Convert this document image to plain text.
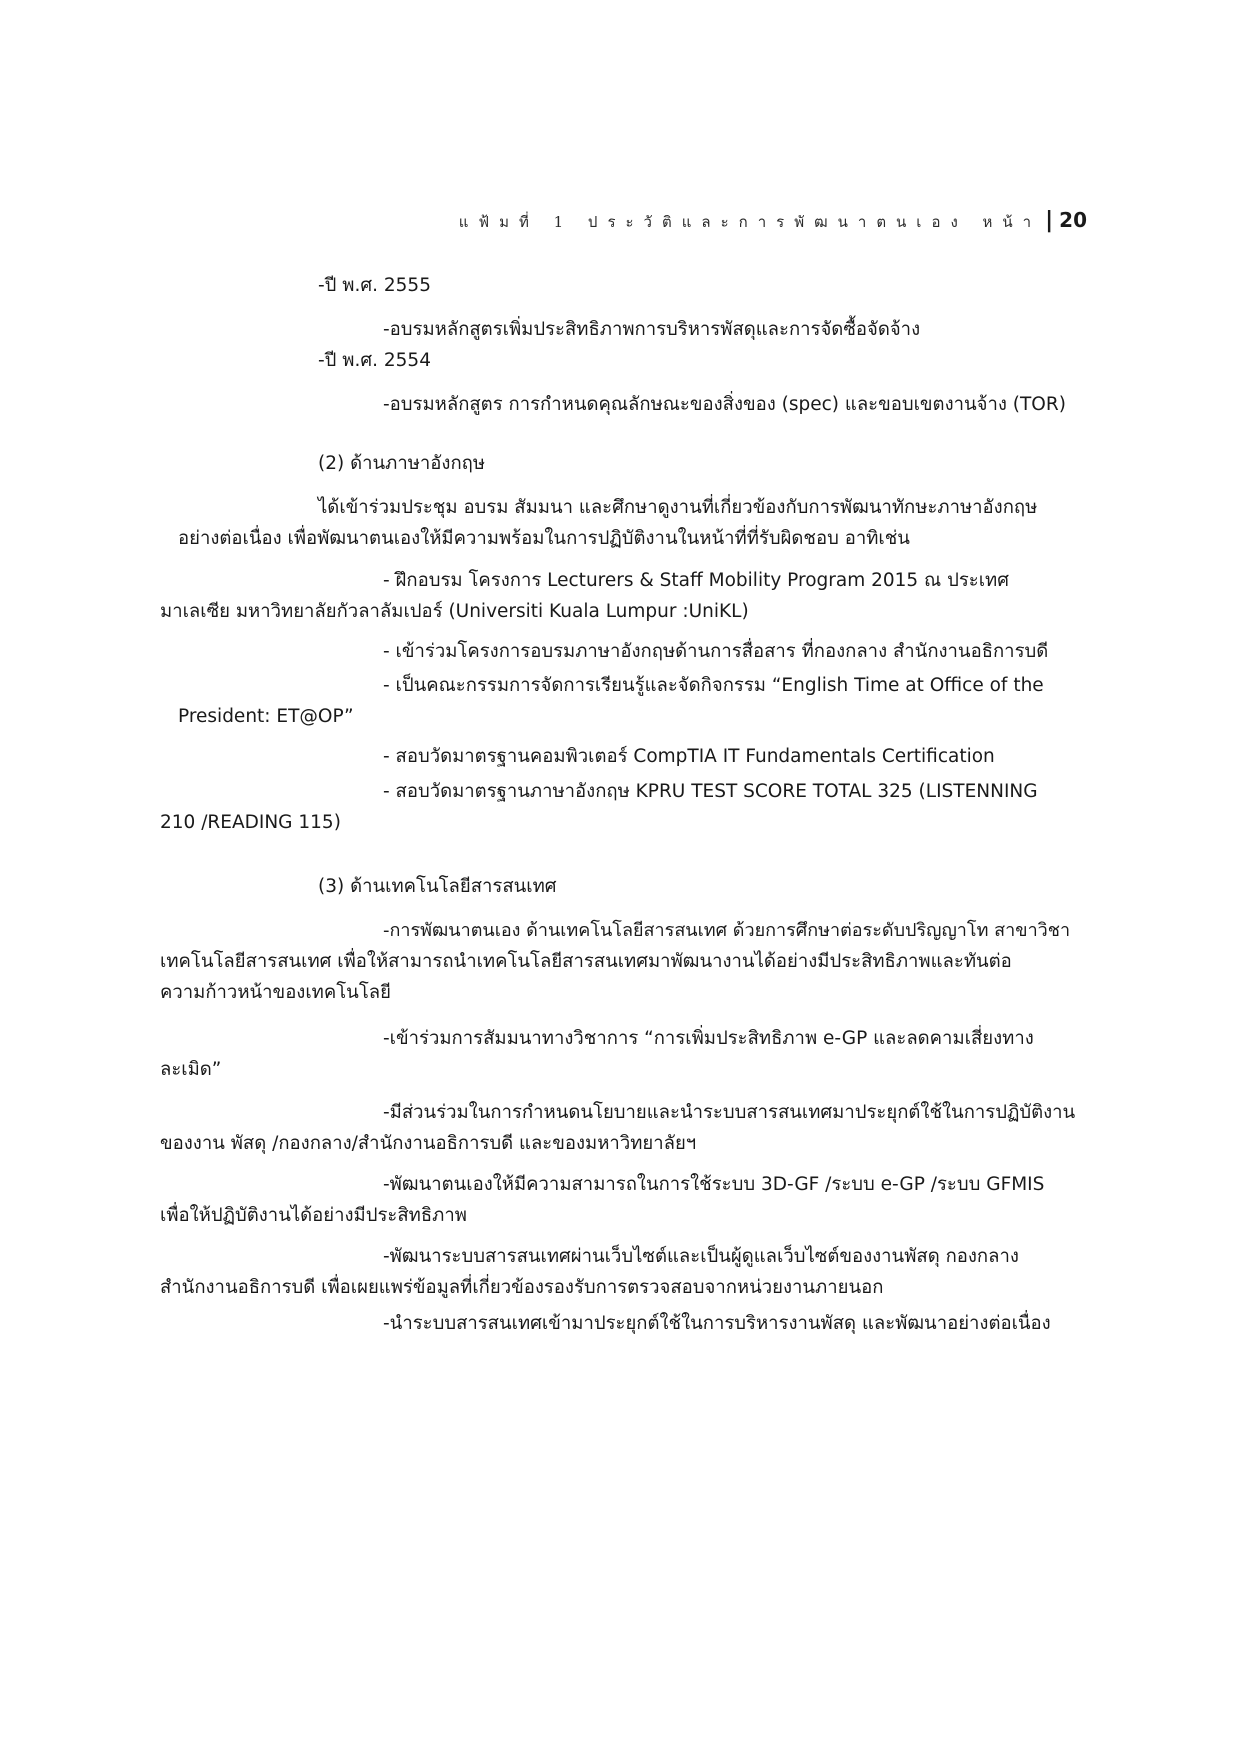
แฟ้มที่ 1 ประวัติและการพัฒนาตนเอง หน้า | 20
-ปี พ.ศ. 2555
-อบรมหลักสูตรเพิ่มประสิทธิภาพการบริหารพัสดุและการจัดซื้อจัดจ้าง
-ปี พ.ศ. 2554
-อบรมหลักสูตร การกำหนดคุณลักษณะของสิ่งของ (spec) และขอบเขตงานจ้าง (TOR)
(2) ด้านภาษาอังกฤษ
ได้เข้าร่วมประชุม อบรม สัมมนา และศึกษาดูงานที่เกี่ยวข้องกับการพัฒนาทักษะภาษาอังกฤษ
อย่างต่อเนื่อง เพื่อพัฒนาตนเองให้มีความพร้อมในการปฏิบัติงานในหน้าที่ที่รับผิดชอบ อาทิเช่น
- ฝึกอบรม โครงการ Lecturers & Staff Mobility Program 2015 ณ ประเทศ
มาเลเซีย มหาวิทยาลัยกัวลาลัมเปอร์ (Universiti Kuala Lumpur :UniKL)
- เข้าร่วมโครงการอบรมภาษาอังกฤษด้านการสื่อสาร ที่กองกลาง สำนักงานอธิการบดี
- เป็นคณะกรรมการจัดการเรียนรู้และจัดกิจกรรม “English Time at Office of the
President: ET@OP”
- สอบวัดมาตรฐานคอมพิวเตอร์ CompTIA IT Fundamentals Certification
- สอบวัดมาตรฐานภาษาอังกฤษ KPRU TEST SCORE TOTAL 325 (LISTENNING
210 /READING 115)
(3) ด้านเทคโนโลยีสารสนเทศ
-การพัฒนาตนเอง ด้านเทคโนโลยีสารสนเทศ ด้วยการศึกษาต่อระดับปริญญาโท สาขาวิชา
เทคโนโลยีสารสนเทศ เพื่อให้สามารถนำเทคโนโลยีสารสนเทศมาพัฒนางานได้อย่างมีประสิทธิภาพและทันต่อ
ความก้าวหน้าของเทคโนโลยี
-เข้าร่วมการสัมมนาทางวิชาการ “การเพิ่มประสิทธิภาพ e-GP และลดคามเสี่ยงทาง
ละเมิด”
-มีส่วนร่วมในการกำหนดนโยบายและนำระบบสารสนเทศมาประยุกต์ใช้ในการปฏิบัติงาน
ของงาน พัสดุ /กองกลาง/สำนักงานอธิการบดี และของมหาวิทยาลัยฯ
-พัฒนาตนเองให้มีความสามารถในการใช้ระบบ 3D-GF /ระบบ e-GP /ระบบ GFMIS
เพื่อให้ปฏิบัติงานได้อย่างมีประสิทธิภาพ
-พัฒนาระบบสารสนเทศผ่านเว็บไซต์และเป็นผู้ดูแลเว็บไซต์ของงานพัสดุ กองกลาง
สำนักงานอธิการบดี เพื่อเผยแพร่ข้อมูลที่เกี่ยวข้องรองรับการตรวจสอบจากหน่วยงานภายนอก
-นำระบบสารสนเทศเข้ามาประยุกต์ใช้ในการบริหารงานพัสดุ และพัฒนาอย่างต่อเนื่อง
